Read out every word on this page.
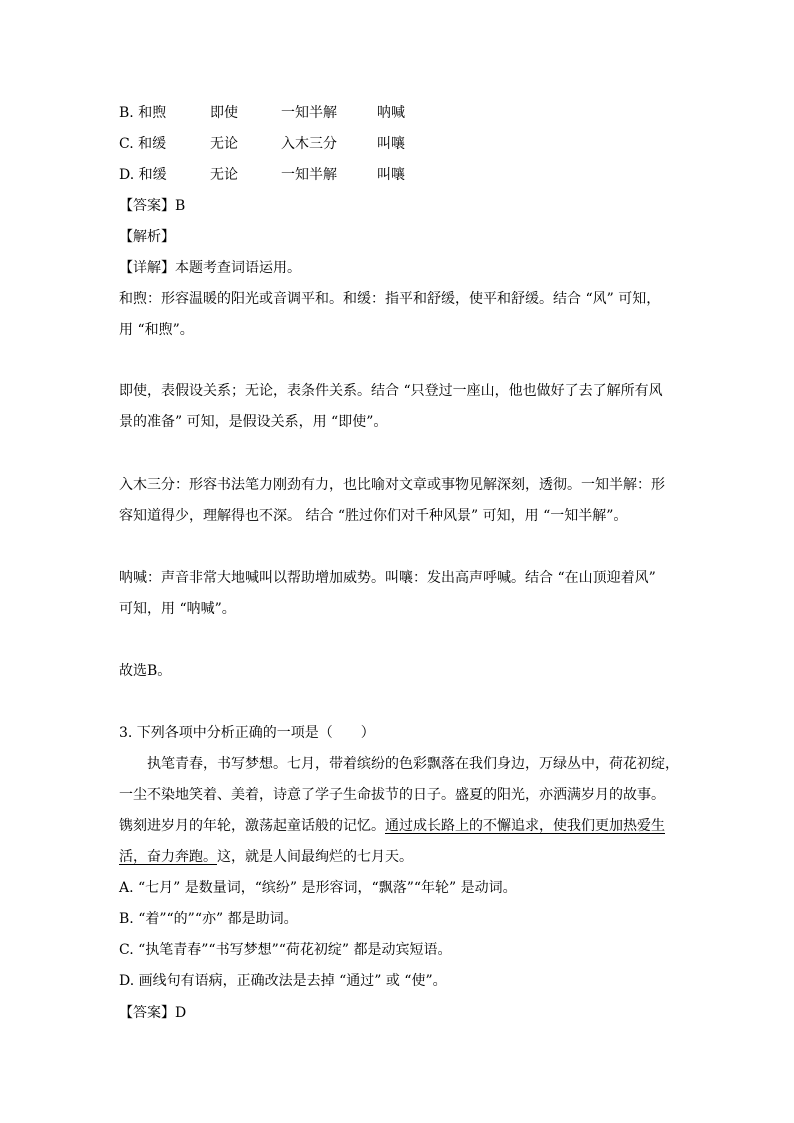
B. 和煦	即使	一知半解	呐喊
C. 和缓	无论	入木三分	叫嚷
D. 和缓	无论	一知半解	叫嚷
【答案】B
【解析】
【详解】本题考查词语运用。
和煦：形容温暖的阳光或音调平和。和缓：指平和舒缓，使平和舒缓。结合 “风” 可知，
用 “和煦”。
即使，表假设关系；无论，表条件关系。结合 “只登过一座山，他也做好了去了解所有风
景的准备” 可知，是假设关系，用 “即使”。
入木三分：形容书法笔力刚劲有力，也比喻对文章或事物见解深刻，透彻。一知半解：形
容知道得少，理解得也不深。 结合 “胜过你们对千种风景” 可知，用 “一知半解”。
呐喊：声音非常大地喊叫以帮助增加威势。叫嚷：发出高声呼喊。结合 “在山顶迎着风”
可知，用 “呐喊”。
故选B。
3. 下列各项中分析正确的一项是（　　）
执笔青春，书写梦想。七月，带着缤纷的色彩飘落在我们身边，万绿丛中，荷花初绽，
一尘不染地笑着、美着，诗意了学子生命拔节的日子。盛夏的阳光，亦洒满岁月的故事。
镌刻进岁月的年轮，激荡起童话般的记忆。通过成长路上的不懈追求，使我们更加热爱生
活，奋力奔跑。这，就是人间最绚烂的七月天。
A. “七月” 是数量词，“缤纷” 是形容词，“飘落”“年轮” 是动词。
B. “着”“的”“亦” 都是助词。
C. “执笔青春”“书写梦想”“荷花初绽” 都是动宾短语。
D. 画线句有语病，正确改法是去掉 “通过” 或 “使”。
【答案】D
